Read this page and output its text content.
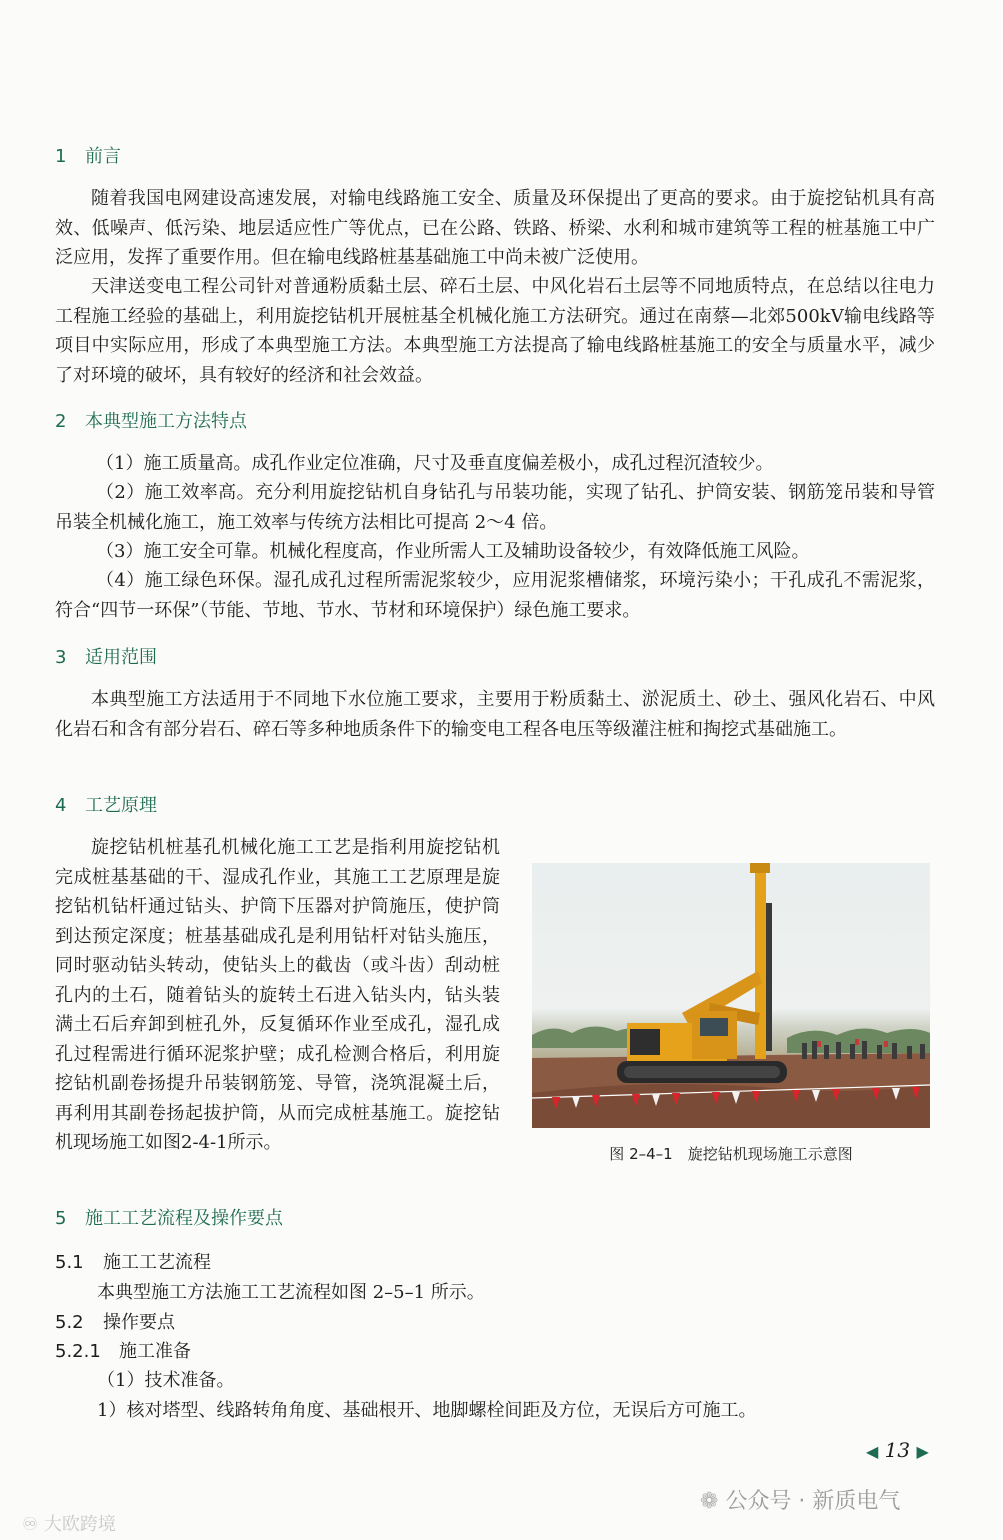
1 前言

随着我国电网建设高速发展，对输电线路施工安全、质量及环保提出了更高的要求。由于旋挖钻机具有高效、低噪声、低污染、地层适应性广等优点，已在公路、铁路、桥梁、水利和城市建筑等工程的桩基施工中广泛应用，发挥了重要作用。但在输电线路桩基基础施工中尚未被广泛使用。

天津送变电工程公司针对普通粉质黏土层、碎石土层、中风化岩石土层等不同地质特点，在总结以往电力工程施工经验的基础上，利用旋挖钻机开展桩基全机械化施工方法研究。通过在南蔡—北郊500kV输电线路等项目中实际应用，形成了本典型施工方法。本典型施工方法提高了输电线路桩基施工的安全与质量水平，减少了对环境的破坏，具有较好的经济和社会效益。

2 本典型施工方法特点

（1）施工质量高。成孔作业定位准确，尺寸及垂直度偏差极小，成孔过程沉渣较少。

（2）施工效率高。充分利用旋挖钻机自身钻孔与吊装功能，实现了钻孔、护筒安装、钢筋笼吊装和导管吊装全机械化施工，施工效率与传统方法相比可提高 2～4 倍。

（3）施工安全可靠。机械化程度高，作业所需人工及辅助设备较少，有效降低施工风险。

（4）施工绿色环保。湿孔成孔过程所需泥浆较少，应用泥浆槽储浆，环境污染小；干孔成孔不需泥浆，符合“四节一环保”（节能、节地、节水、节材和环境保护）绿色施工要求。

3 适用范围

本典型施工方法适用于不同地下水位施工要求，主要用于粉质黏土、淤泥质土、砂土、强风化岩石、中风化岩石和含有部分岩石、碎石等多种地质条件下的输变电工程各电压等级灌注桩和掏挖式基础施工。

4 工艺原理

旋挖钻机桩基孔机械化施工工艺是指利用旋挖钻机完成桩基基础的干、湿成孔作业，其施工工艺原理是旋挖钻机钻杆通过钻头、护筒下压器对护筒施压，使护筒到达预定深度；桩基基础成孔是利用钻杆对钻头施压，同时驱动钻头转动，使钻头上的截齿（或斗齿）刮动桩孔内的土石，随着钻头的旋转土石进入钻头内，钻头装满土石后弃卸到桩孔外，反复循环作业至成孔，湿孔成孔过程需进行循环泥浆护壁；成孔检测合格后，利用旋挖钻机副卷扬提升吊装钢筋笼、导管，浇筑混凝土后，再利用其副卷扬起拔护筒，从而完成桩基施工。旋挖钻机现场施工如图2-4-1所示。

图 2–4–1　旋挖钻机现场施工示意图
5 施工工艺流程及操作要点
5.1 施工工艺流程

本典型施工方法施工工艺流程如图 2–5–1 所示。

5.2 操作要点
5.2.1 施工准备

（1）技术准备。

1）核对塔型、线路转角角度、基础根开、地脚螺栓间距及方位，无误后方可施工。

◀ 13 ▶
❁ 公众号 · 新质电气
♾ 大欧跨境
